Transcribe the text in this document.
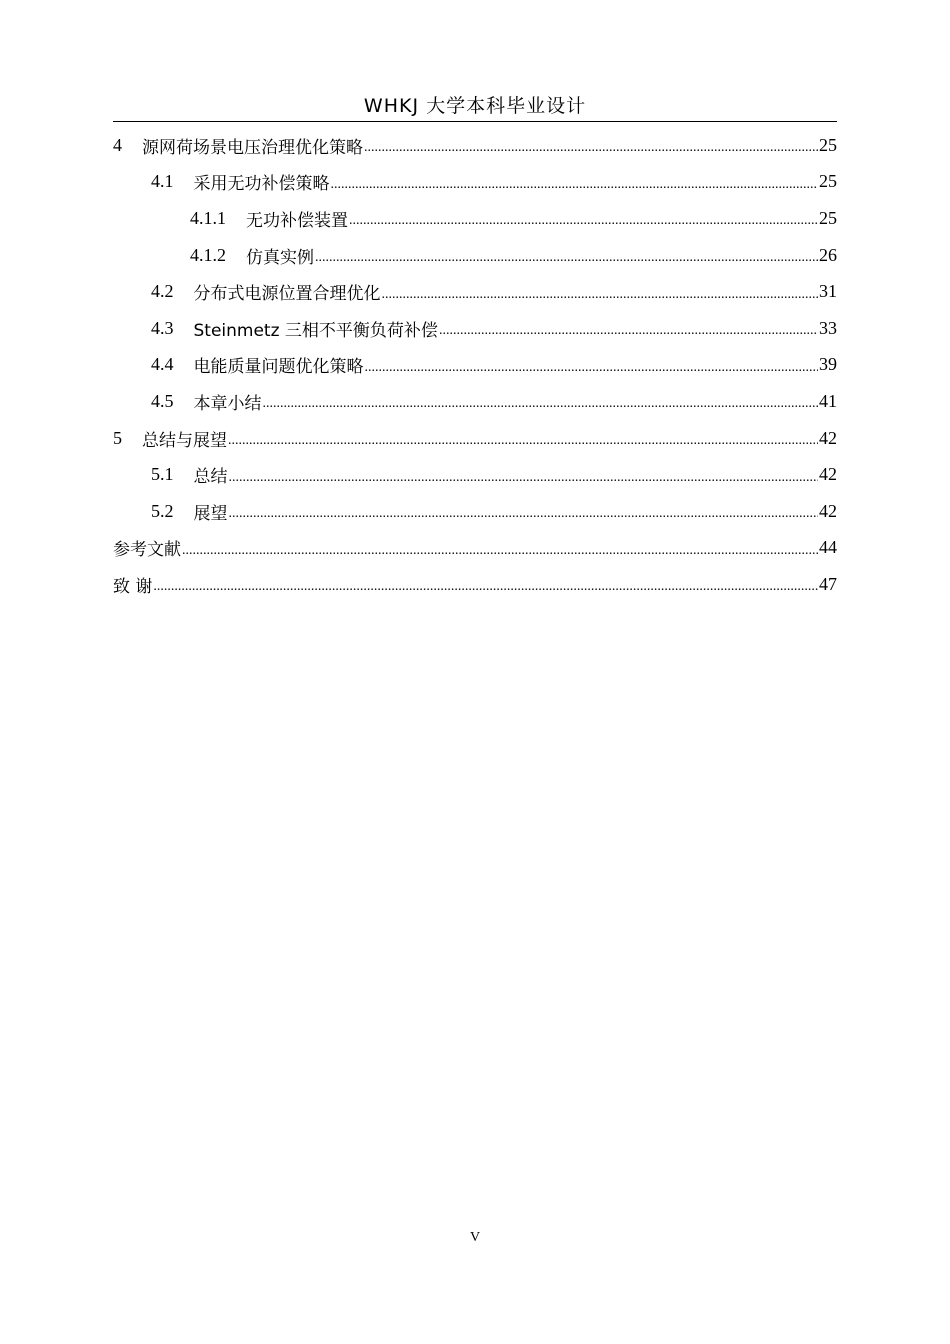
WHKJ 大学本科毕业设计
4 源网荷场景电压治理优化策略 .....	25
4.1 采用无功补偿策略 .....	25
4.1.1 无功补偿装置 .....	25
4.1.2 仿真实例 .....	26
4.2 分布式电源位置合理优化 .....	31
4.3 Steinmetz 三相不平衡负荷补偿 .....	33
4.4 电能质量问题优化策略 .....	39
4.5 本章小结 .....	41
5 总结与展望 .....	42
5.1 总结 .....	42
5.2 展望 .....	42
参考文献 .....	44
致 谢 .....	47
V
